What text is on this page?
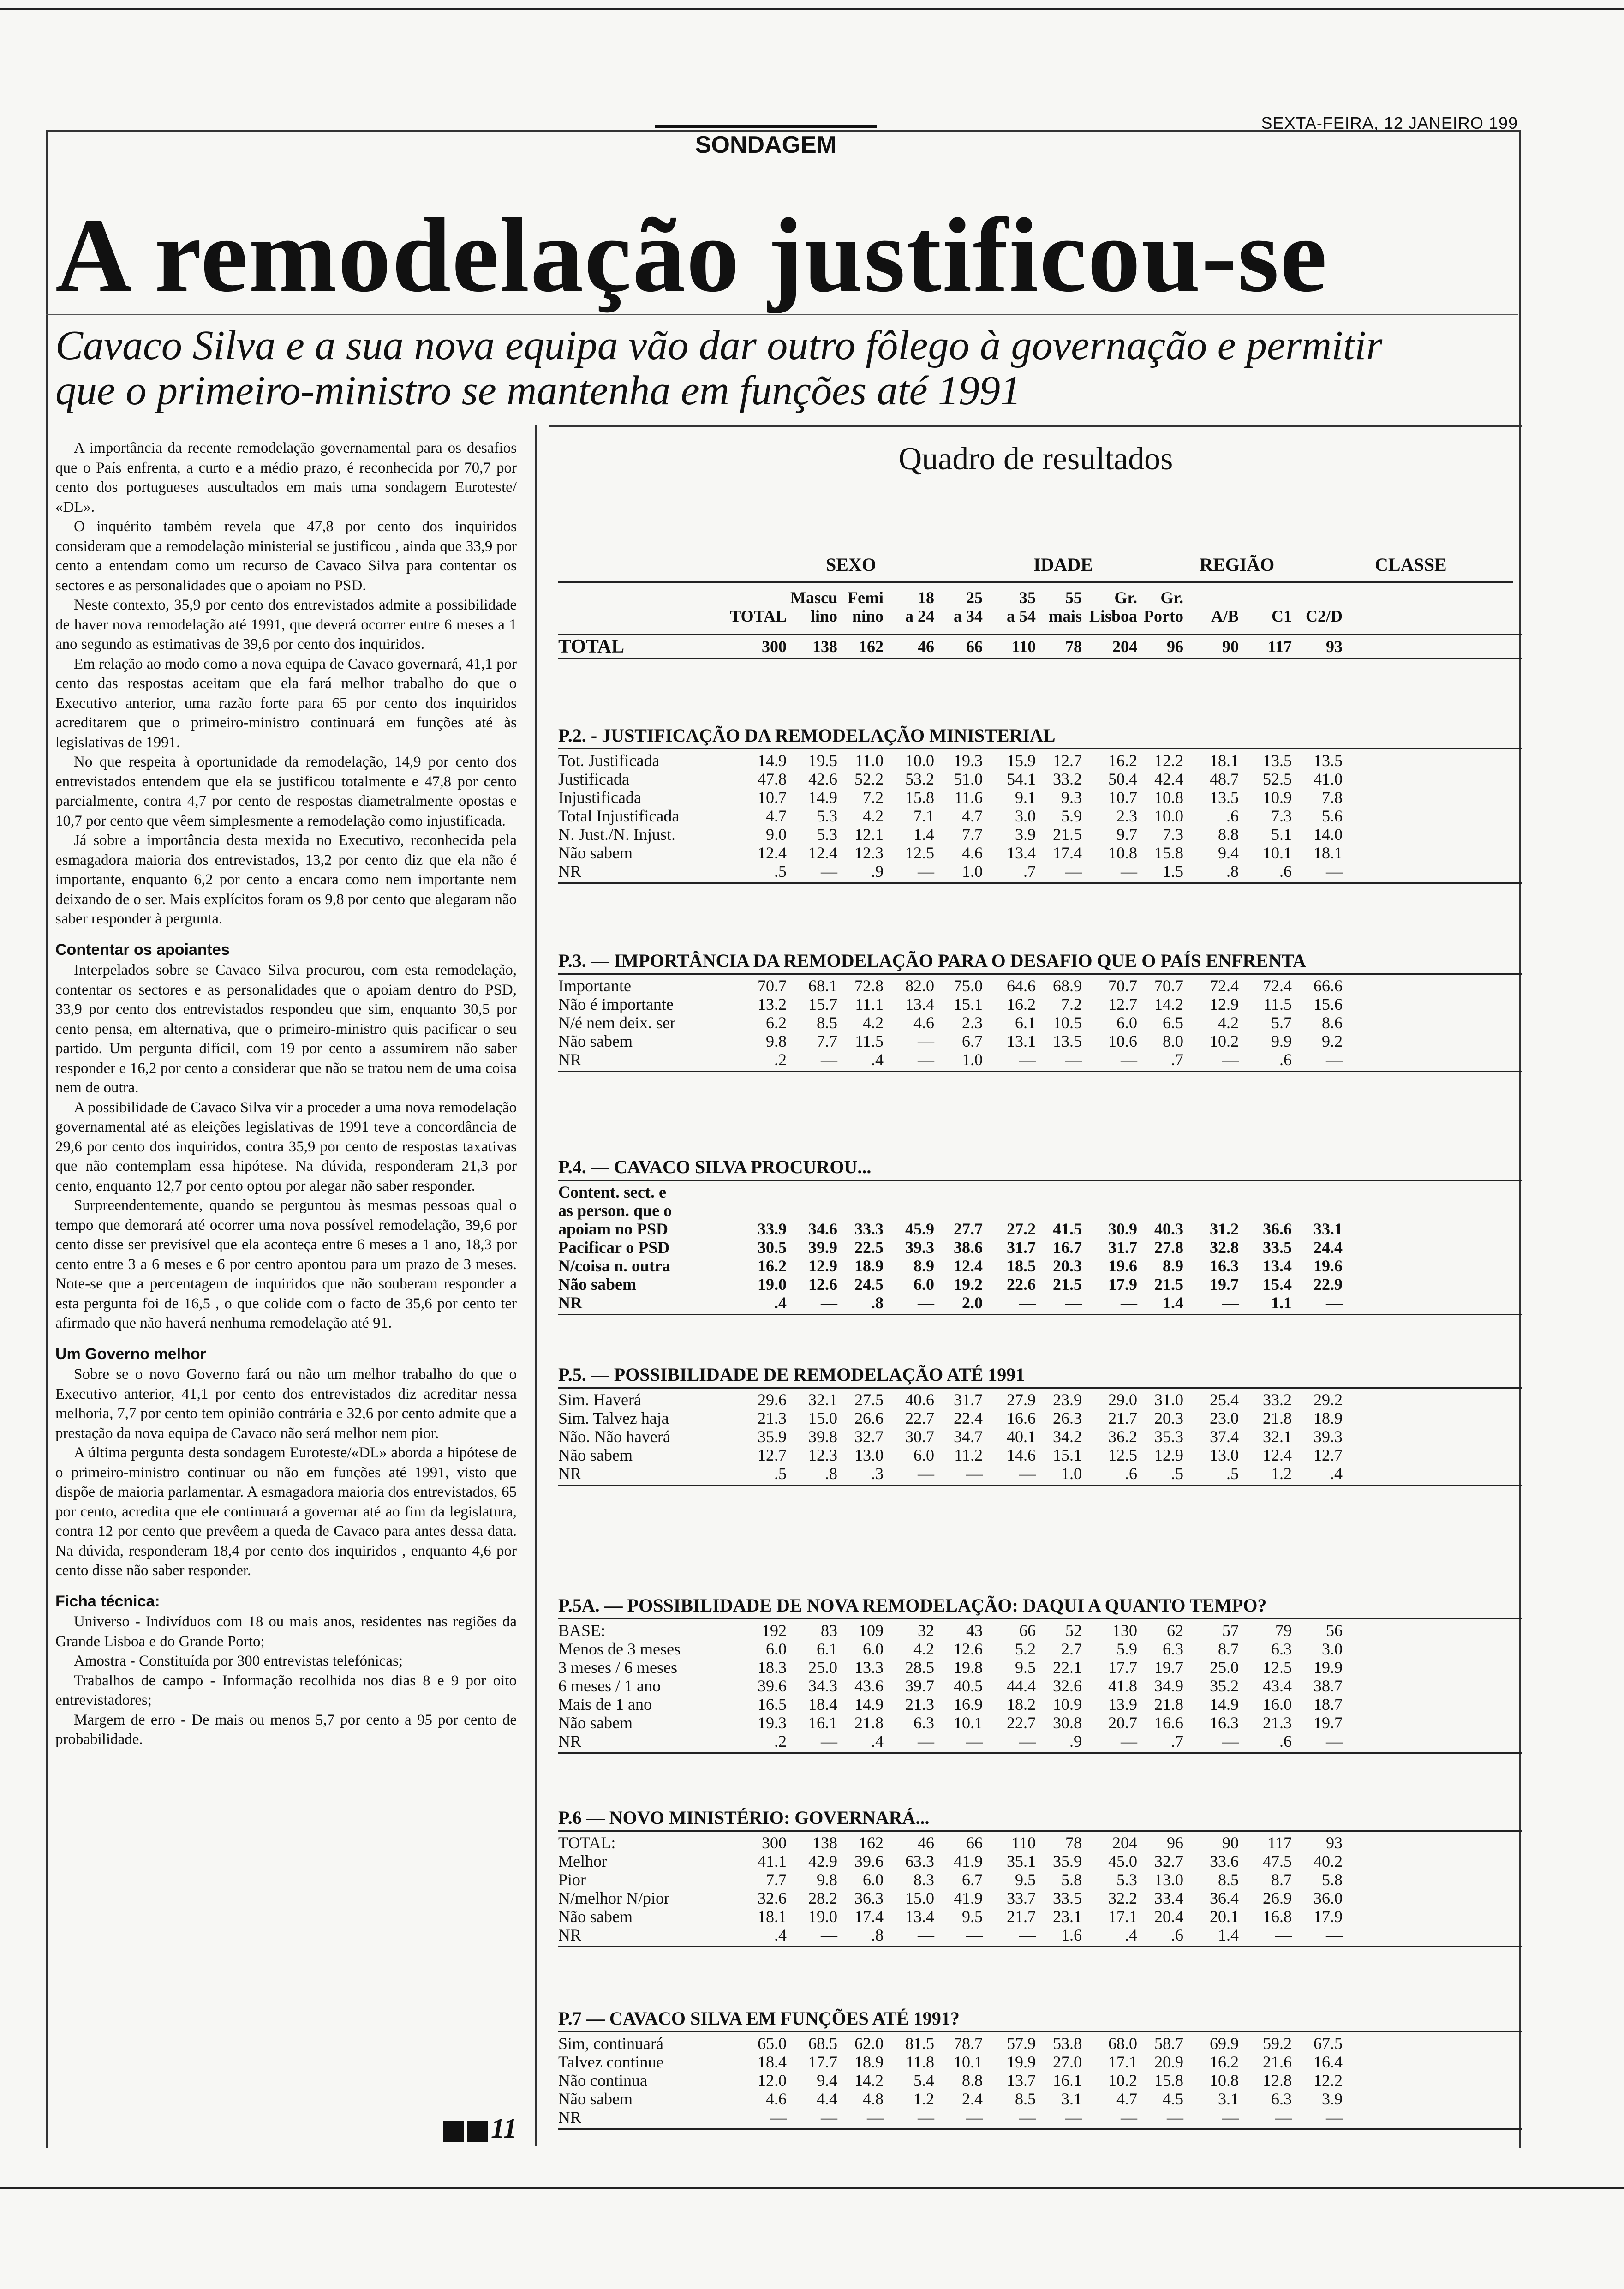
SEXTA-FEIRA, 12 JANEIRO 199
SONDAGEM
A remodelação justificou-se
Cavaco Silva e a sua nova equipa vão dar outro fôlego à governação e permitir que o primeiro-ministro se mantenha em funções até 1991

A importância da recente remodelação governamental para os desafios que o País enfrenta, a curto e a médio prazo, é reconhecida por 70,7 por cento dos portugueses auscultados em mais uma sondagem Euroteste/ «DL».

O inquérito também revela que 47,8 por cento dos inquiridos consideram que a remodelação ministerial se justificou , ainda que 33,9 por cento a entendam como um recurso de Cavaco Silva para contentar os sectores e as personalidades que o apoiam no PSD.

Neste contexto, 35,9 por cento dos entrevistados admite a possibilidade de haver nova remodelação até 1991, que deverá ocorrer entre 6 meses a 1 ano segundo as estimativas de 39,6 por cento dos inquiridos.

Em relação ao modo como a nova equipa de Cavaco governará, 41,1 por cento das respostas aceitam que ela fará melhor trabalho do que o Executivo anterior, uma razão forte para 65 por cento dos inquiridos acreditarem que o primeiro-ministro continuará em funções até às legislativas de 1991.

No que respeita à oportunidade da remodelação, 14,9 por cento dos entrevistados entendem que ela se justificou totalmente e 47,8 por cento parcialmente, contra 4,7 por cento de respostas diametralmente opostas e 10,7 por cento que vêem simplesmente a remodelação como injustificada.

Já sobre a importância desta mexida no Executivo, reconhecida pela esmagadora maioria dos entrevistados, 13,2 por cento diz que ela não é importante, enquanto 6,2 por cento a encara como nem importante nem deixando de o ser. Mais explícitos foram os 9,8 por cento que alegaram não saber responder à pergunta.

Contentar os apoiantes

Interpelados sobre se Cavaco Silva procurou, com esta remodelação, contentar os sectores e as personalidades que o apoiam dentro do PSD, 33,9 por cento dos entrevistados respondeu que sim, enquanto 30,5 por cento pensa, em alternativa, que o primeiro-ministro quis pacificar o seu partido. Um pergunta difícil, com 19 por cento a assumirem não saber responder e 16,2 por cento a considerar que não se tratou nem de uma coisa nem de outra.

A possibilidade de Cavaco Silva vir a proceder a uma nova remodelação governamental até as eleições legislativas de 1991 teve a concordância de 29,6 por cento dos inquiridos, contra 35,9 por cento de respostas taxativas que não contemplam essa hipótese. Na dúvida, responderam 21,3 por cento, enquanto 12,7 por cento optou por alegar não saber responder.

Surpreendentemente, quando se perguntou às mesmas pessoas qual o tempo que demorará até ocorrer uma nova possível remodelação, 39,6 por cento disse ser previsível que ela aconteça entre 6 meses a 1 ano, 18,3 por cento entre 3 a 6 meses e 6 por centro apontou para um prazo de 3 meses. Note-se que a percentagem de inquiridos que não souberam responder a esta pergunta foi de 16,5 , o que colide com o facto de 35,6 por cento ter afirmado que não haverá nenhuma remodelação até 91.

Um Governo melhor

Sobre se o novo Governo fará ou não um melhor trabalho do que o Executivo anterior, 41,1 por cento dos entrevistados diz acreditar nessa melhoria, 7,7 por cento tem opinião contrária e 32,6 por cento admite que a prestação da nova equipa de Cavaco não será melhor nem pior.

A última pergunta desta sondagem Euroteste/«DL» aborda a hipótese de o primeiro-ministro continuar ou não em funções até 1991, visto que dispõe de maioria parlamentar. A esmagadora maioria dos entrevistados, 65 por cento, acredita que ele continuará a governar até ao fim da legislatura, contra 12 por cento que prevêem a queda de Cavaco para antes dessa data. Na dúvida, responderam 18,4 por cento dos inquiridos , enquanto 4,6 por cento disse não saber responder.

Ficha técnica:

Universo - Indivíduos com 18 ou mais anos, residentes nas regiões da Grande Lisboa e do Grande Porto;

Amostra - Constituída por 300 entrevistas telefónicas;

Trabalhos de campo - Informação recolhida nos dias 8 e 9 por oito entrevistadores;

Margem de erro - De mais ou menos 5,7 por cento a 95 por cento de probabilidade.

Quadro de resultados
SEXO	IDADE	REGIÃO	CLASSE
		Mascu	Femi	18	25	35	55	Gr.	Gr.			
	TOTAL	lino	nino	a 24	a 34	a 54	mais	Lisboa	Porto	A/B	C1	C2/D
TOTAL	300	138	162	46	66	110	78	204	96	90	117	93
P.2. - JUSTIFICAÇÃO DA REMODELAÇÃO MINISTERIAL
Tot. Justificada	14.9	19.5	11.0	10.0	19.3	15.9	12.7	16.2	12.2	18.1	13.5	13.5
Justificada	47.8	42.6	52.2	53.2	51.0	54.1	33.2	50.4	42.4	48.7	52.5	41.0
Injustificada	10.7	14.9	7.2	15.8	11.6	9.1	9.3	10.7	10.8	13.5	10.9	7.8
Total Injustificada	4.7	5.3	4.2	7.1	4.7	3.0	5.9	2.3	10.0	.6	7.3	5.6
N. Just./N. Injust.	9.0	5.3	12.1	1.4	7.7	3.9	21.5	9.7	7.3	8.8	5.1	14.0
Não sabem	12.4	12.4	12.3	12.5	4.6	13.4	17.4	10.8	15.8	9.4	10.1	18.1
NR	.5	—	.9	—	1.0	.7	—	—	1.5	.8	.6	—
P.3. — IMPORTÂNCIA DA REMODELAÇÃO PARA O DESAFIO QUE O PAÍS ENFRENTA
Importante	70.7	68.1	72.8	82.0	75.0	64.6	68.9	70.7	70.7	72.4	72.4	66.6
Não é importante	13.2	15.7	11.1	13.4	15.1	16.2	7.2	12.7	14.2	12.9	11.5	15.6
N/é nem deix. ser	6.2	8.5	4.2	4.6	2.3	6.1	10.5	6.0	6.5	4.2	5.7	8.6
Não sabem	9.8	7.7	11.5	—	6.7	13.1	13.5	10.6	8.0	10.2	9.9	9.2
NR	.2	—	.4	—	1.0	—	—	—	.7	—	.6	—
P.4. — CAVACO SILVA PROCUROU...
Content. sect. e												
as person. que o												
apoiam no PSD	33.9	34.6	33.3	45.9	27.7	27.2	41.5	30.9	40.3	31.2	36.6	33.1
Pacificar o PSD	30.5	39.9	22.5	39.3	38.6	31.7	16.7	31.7	27.8	32.8	33.5	24.4
N/coisa n. outra	16.2	12.9	18.9	8.9	12.4	18.5	20.3	19.6	8.9	16.3	13.4	19.6
Não sabem	19.0	12.6	24.5	6.0	19.2	22.6	21.5	17.9	21.5	19.7	15.4	22.9
NR	.4	—	.8	—	2.0	—	—	—	1.4	—	1.1	—
P.5. — POSSIBILIDADE DE REMODELAÇÃO ATÉ 1991
Sim. Haverá	29.6	32.1	27.5	40.6	31.7	27.9	23.9	29.0	31.0	25.4	33.2	29.2
Sim. Talvez haja	21.3	15.0	26.6	22.7	22.4	16.6	26.3	21.7	20.3	23.0	21.8	18.9
Não. Não haverá	35.9	39.8	32.7	30.7	34.7	40.1	34.2	36.2	35.3	37.4	32.1	39.3
Não sabem	12.7	12.3	13.0	6.0	11.2	14.6	15.1	12.5	12.9	13.0	12.4	12.7
NR	.5	.8	.3	—	—	—	1.0	.6	.5	.5	1.2	.4
P.5A. — POSSIBILIDADE DE NOVA REMODELAÇÃO: DAQUI A QUANTO TEMPO?
BASE:	192	83	109	32	43	66	52	130	62	57	79	56
Menos de 3 meses	6.0	6.1	6.0	4.2	12.6	5.2	2.7	5.9	6.3	8.7	6.3	3.0
3 meses / 6 meses	18.3	25.0	13.3	28.5	19.8	9.5	22.1	17.7	19.7	25.0	12.5	19.9
6 meses / 1 ano	39.6	34.3	43.6	39.7	40.5	44.4	32.6	41.8	34.9	35.2	43.4	38.7
Mais de 1 ano	16.5	18.4	14.9	21.3	16.9	18.2	10.9	13.9	21.8	14.9	16.0	18.7
Não sabem	19.3	16.1	21.8	6.3	10.1	22.7	30.8	20.7	16.6	16.3	21.3	19.7
NR	.2	—	.4	—	—	—	.9	—	.7	—	.6	—
P.6 — NOVO MINISTÉRIO: GOVERNARÁ...
TOTAL:	300	138	162	46	66	110	78	204	96	90	117	93
Melhor	41.1	42.9	39.6	63.3	41.9	35.1	35.9	45.0	32.7	33.6	47.5	40.2
Pior	7.7	9.8	6.0	8.3	6.7	9.5	5.8	5.3	13.0	8.5	8.7	5.8
N/melhor N/pior	32.6	28.2	36.3	15.0	41.9	33.7	33.5	32.2	33.4	36.4	26.9	36.0
Não sabem	18.1	19.0	17.4	13.4	9.5	21.7	23.1	17.1	20.4	20.1	16.8	17.9
NR	.4	—	.8	—	—	—	1.6	.4	.6	1.4	—	—
P.7 — CAVACO SILVA EM FUNÇÕES ATÉ 1991?
Sim, continuará	65.0	68.5	62.0	81.5	78.7	57.9	53.8	68.0	58.7	69.9	59.2	67.5
Talvez continue	18.4	17.7	18.9	11.8	10.1	19.9	27.0	17.1	20.9	16.2	21.6	16.4
Não continua	12.0	9.4	14.2	5.4	8.8	13.7	16.1	10.2	15.8	10.8	12.8	12.2
Não sabem	4.6	4.4	4.8	1.2	2.4	8.5	3.1	4.7	4.5	3.1	6.3	3.9
NR	—	—	—	—	—	—	—	—	—	—	—	—
11
